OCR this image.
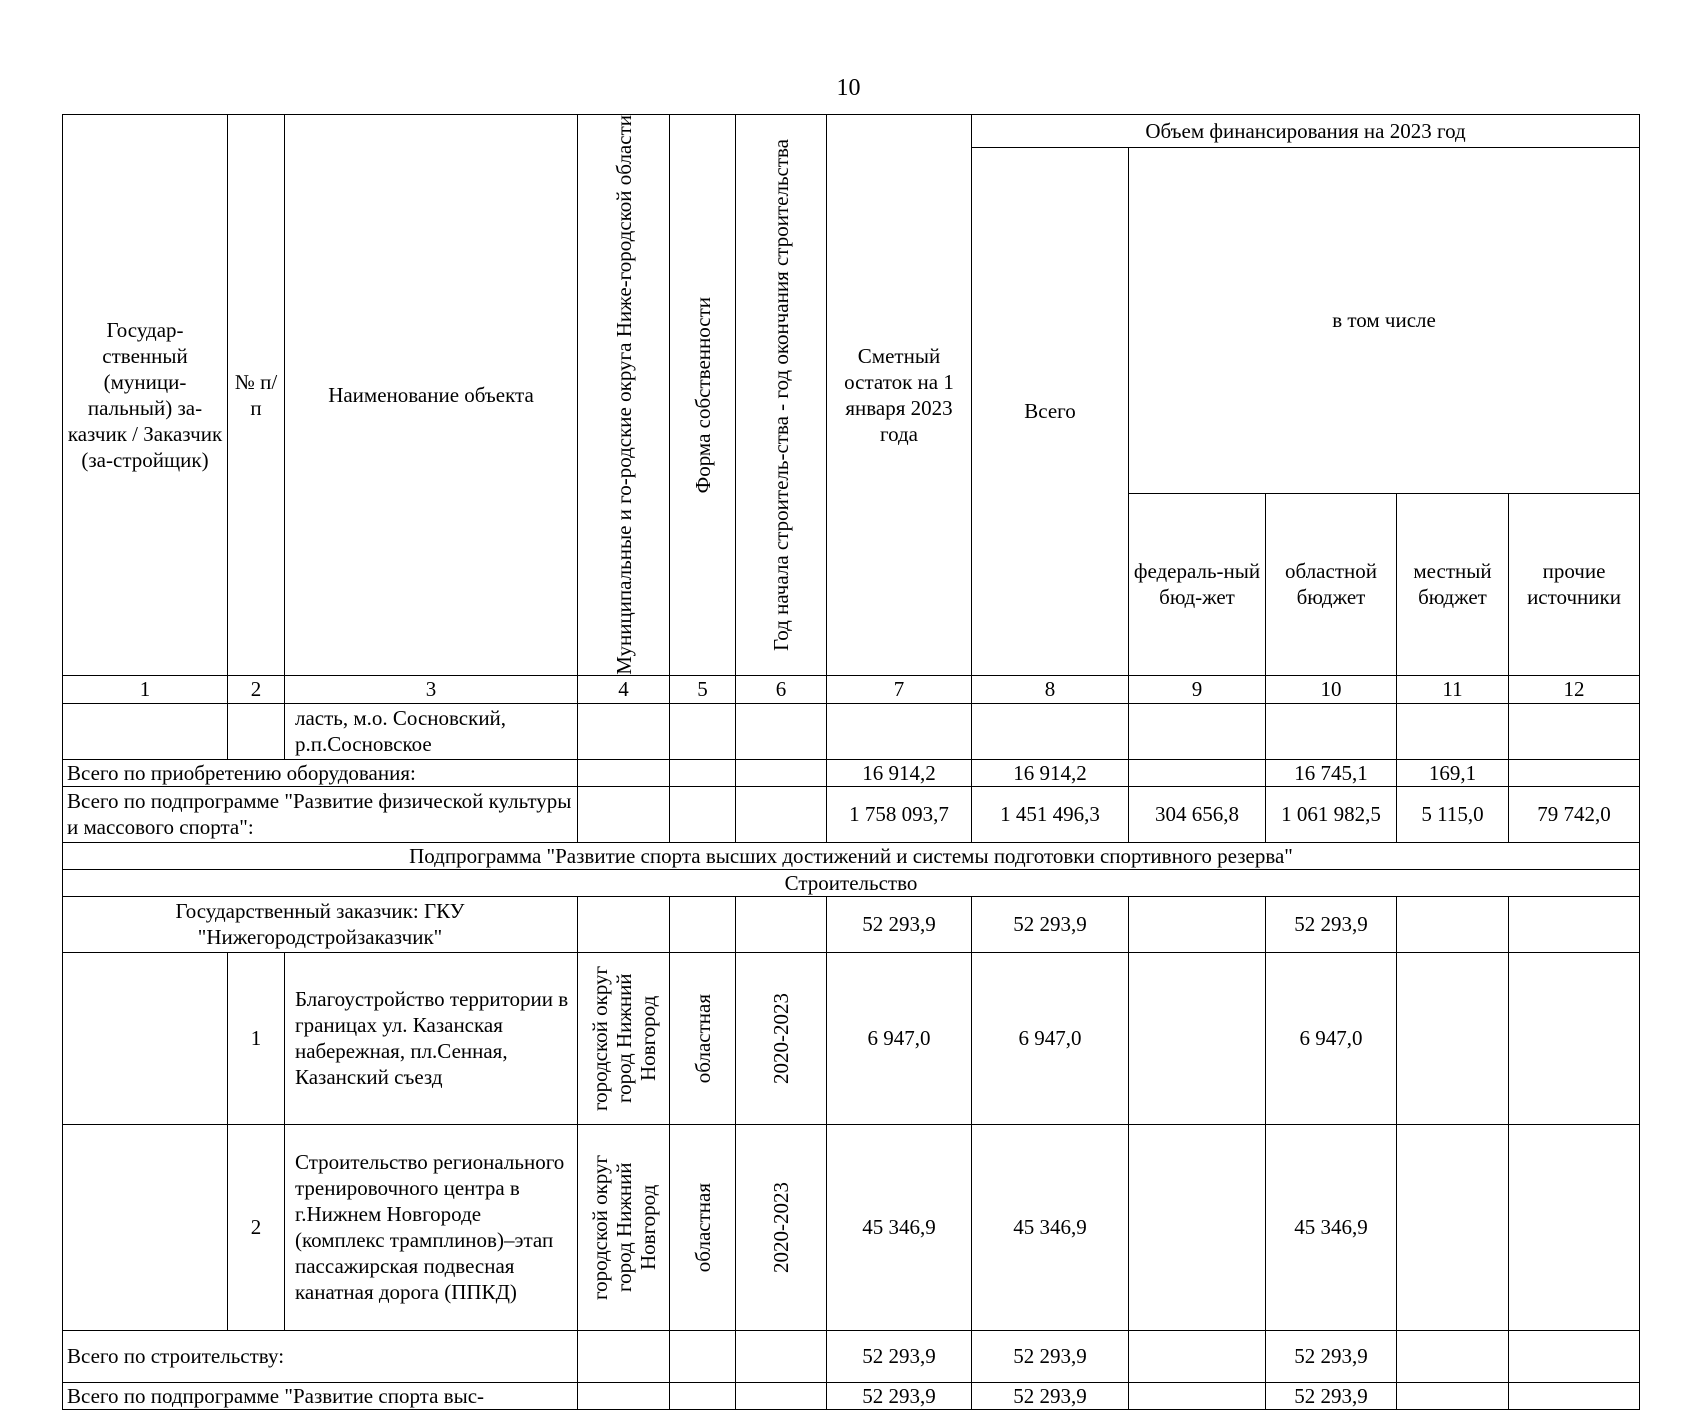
10
Государ-ственный (муници-пальный) за-казчик / Заказчик (за-стройщик)	№ п/п	Наименование объекта	Муниципальные и го-родские округа Ниже-городской области	Форма собственности	Год начала строитель-ства - год окончания строительства	Сметный остаток на 1 января 2023 года	Объем финансирования на 2023 год				
							Всего	в том числе			
								федераль-ный бюд-жет	областной бюджет	местный бюджет	прочие источники
1	2	3	4	5	6	7	8	9	10	11	12
		ласть, м.о. Сосновский, р.п.Сосновское									
Всего по приобретению оборудования:						16 914,2	16 914,2		16 745,1	169,1	
Всего по подпрограмме "Развитие физической культуры и массового спорта":						1 758 093,7	1 451 496,3	304 656,8	1 061 982,5	5 115,0	79 742,0
Подпрограмма "Развитие спорта высших достижений и системы подготовки спортивного резерва"											
Строительство											
Государственный заказчик: ГКУ "Нижегородстройзаказчик"						52 293,9	52 293,9		52 293,9		
	1	Благоустройство территории в границах ул. Казанская набережная, пл.Сенная, Казанский съезд	городской округ город Нижний Новгород	областная	2020-2023	6 947,0	6 947,0		6 947,0		
	2	Строительство регионального тренировочного центра в г.Нижнем Новгороде (комплекс трамплинов)–этап пассажирская подвесная канатная дорога (ППКД)	городской округ город Нижний Новгород	областная	2020-2023	45 346,9	45 346,9		45 346,9		
Всего по строительству:						52 293,9	52 293,9		52 293,9		
Всего по подпрограмме "Развитие спорта выс-						52 293,9	52 293,9		52 293,9		
